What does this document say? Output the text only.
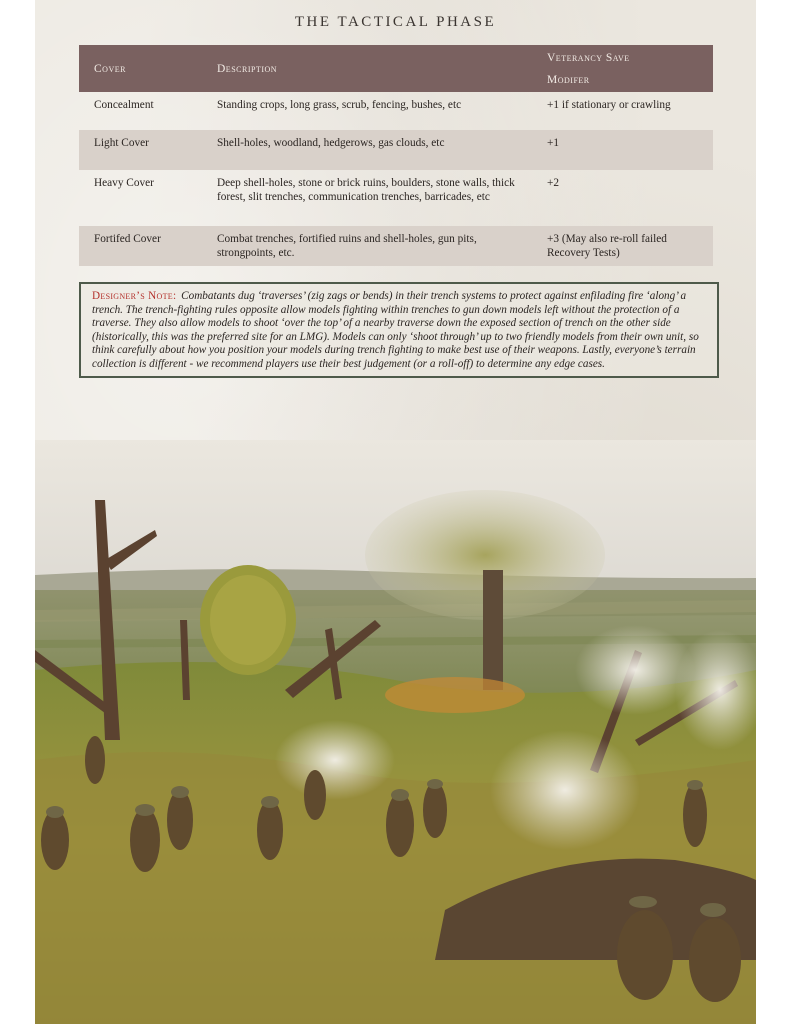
THE TACTICAL PHASE
Cover	Description	Veterancy Save
Modifer
Concealment	Standing crops, long grass, scrub, fencing, bushes, etc	+1 if stationary or crawling
Light Cover	Shell-holes, woodland, hedgerows, gas clouds, etc	+1
Heavy Cover	Deep shell-holes, stone or brick ruins, boulders, stone walls, thick forest, slit trenches, communication trenches, barricades, etc	+2
Fortifed Cover	Combat trenches, fortified ruins and shell-holes, gun pits, strongpoints, etc.	+3 (May also re-roll failed Recovery Tests)
Designer’s Note: Combatants dug ‘traverses’ (zig zags or bends) in their trench systems to protect against enfilading fire ‘along’ a trench. The trench-fighting rules opposite allow models fighting within trenches to gun down models left without the protection of a traverse. They also allow models to shoot ‘over the top’ of a nearby traverse down the exposed section of trench on the other side (historically, this was the preferred site for an LMG). Models can only ‘shoot through’ up to two friendly models from their own unit, so think carefully about how you position your models during trench fighting to make best use of their weapons. Lastly, everyone’s terrain collection is different - we recommend players use their best judgement (or a roll-off) to determine any edge cases.
